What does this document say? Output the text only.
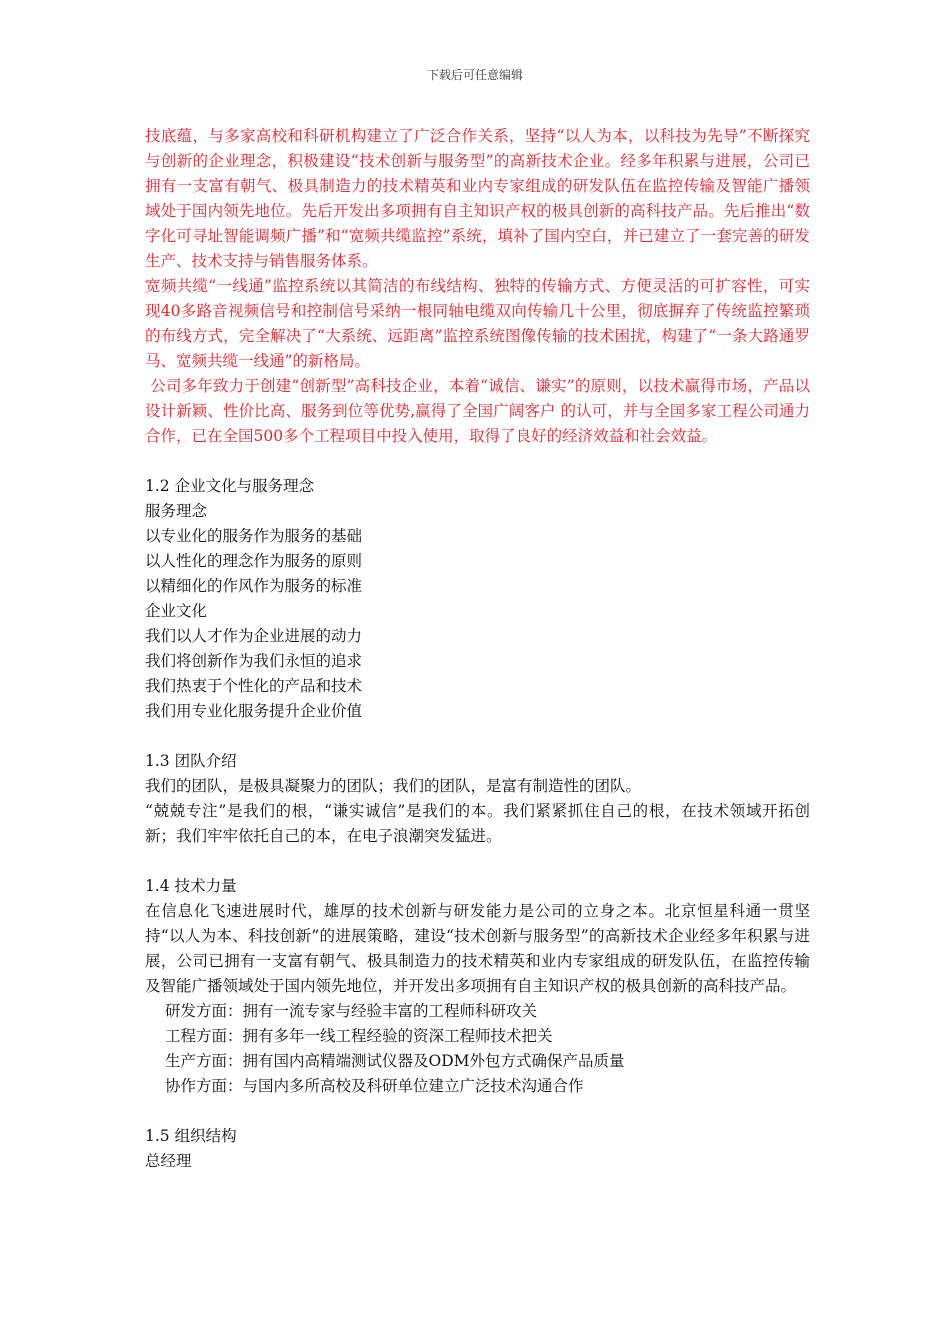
下载后可任意编辑

技底蕴，与多家高校和科研机构建立了广泛合作关系，坚持“以人为本，以科技为先导”不断探究与创新的企业理念，积极建设“技术创新与服务型”的高新技术企业。经多年积累与进展，公司已拥有一支富有朝气、极具制造力的技术精英和业内专家组成的研发队伍在监控传输及智能广播领域处于国内领先地位。先后开发出多项拥有自主知识产权的极具创新的高科技产品。先后推出“数字化可寻址智能调频广播”和“宽频共缆监控”系统，填补了国内空白，并已建立了一套完善的研发生产、技术支持与销售服务体系。

宽频共缆“一线通”监控系统以其简洁的布线结构、独特的传输方式、方便灵活的可扩容性，可实现40多路音视频信号和控制信号采纳一根同轴电缆双向传输几十公里，彻底摒弃了传统监控繁琐的布线方式，完全解决了“大系统、远距离”监控系统图像传输的技术困扰，构建了“一条大路通罗马、宽频共缆一线通”的新格局。

公司多年致力于创建“创新型”高科技企业，本着“诚信、谦实”的原则，以技术赢得市场，产品以设计新颖、性价比高、服务到位等优势,赢得了全国广阔客户 的认可，并与全国多家工程公司通力合作，已在全国500多个工程项目中投入使用，取得了良好的经济效益和社会效益。

1.2 企业文化与服务理念

服务理念

以专业化的服务作为服务的基础

以人性化的理念作为服务的原则

以精细化的作风作为服务的标准

企业文化

我们以人才作为企业进展的动力

我们将创新作为我们永恒的追求

我们热衷于个性化的产品和技术

我们用专业化服务提升企业价值

1.3 团队介绍

我们的团队，是极具凝聚力的团队；我们的团队，是富有制造性的团队。

“兢兢专注”是我们的根，“谦实诚信”是我们的本。我们紧紧抓住自己的根，在技术领域开拓创新；我们牢牢依托自己的本，在电子浪潮突发猛进。

1.4 技术力量

在信息化飞速进展时代，雄厚的技术创新与研发能力是公司的立身之本。北京恒星科通一贯坚持“以人为本、科技创新”的进展策略，建设“技术创新与服务型”的高新技术企业经多年积累与进展，公司已拥有一支富有朝气、极具制造力的技术精英和业内专家组成的研发队伍，在监控传输及智能广播领域处于国内领先地位，并开发出多项拥有自主知识产权的极具创新的高科技产品。

研发方面：拥有一流专家与经验丰富的工程师科研攻关

工程方面：拥有多年一线工程经验的资深工程师技术把关

生产方面：拥有国内高精端测试仪器及ODM外包方式确保产品质量

协作方面：与国内多所高校及科研单位建立广泛技术沟通合作

1.5 组织结构

总经理
